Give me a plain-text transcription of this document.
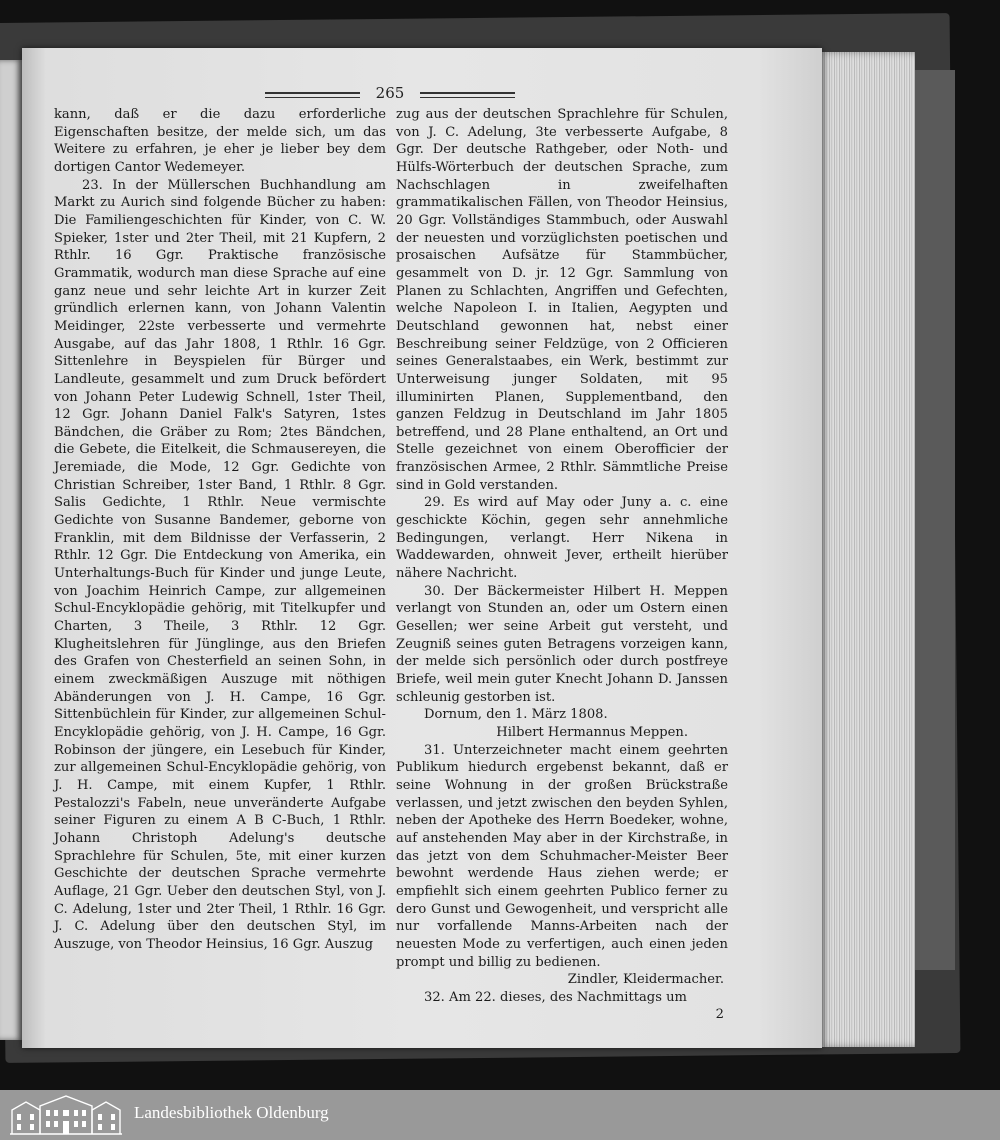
265

kann, daß er die dazu erforderliche Eigenschaften besitze, der melde sich, um das Weitere zu erfahren, je eher je lieber bey dem dortigen Cantor Wedemeyer.

23. In der Müllerschen Buchhandlung am Markt zu Aurich sind folgende Bücher zu haben: Die Familiengeschichten für Kinder, von C. W. Spieker, 1ster und 2ter Theil, mit 21 Kupfern, 2 Rthlr. 16 Ggr. Praktische französische Grammatik, wodurch man diese Sprache auf eine ganz neue und sehr leichte Art in kurzer Zeit gründlich erlernen kann, von Johann Valentin Meidinger, 22ste verbesserte und vermehrte Ausgabe, auf das Jahr 1808, 1 Rthlr. 16 Ggr. Sittenlehre in Beyspielen für Bürger und Landleute, gesammelt und zum Druck befördert von Johann Peter Ludewig Schnell, 1ster Theil, 12 Ggr. Johann Daniel Falk's Satyren, 1stes Bändchen, die Gräber zu Rom; 2tes Bändchen, die Gebete, die Eitelkeit, die Schmausereyen, die Jeremiade, die Mode, 12 Ggr. Gedichte von Christian Schreiber, 1ster Band, 1 Rthlr. 8 Ggr. Salis Gedichte, 1 Rthlr. Neue vermischte Gedichte von Susanne Bandemer, geborne von Franklin, mit dem Bildnisse der Verfasserin, 2 Rthlr. 12 Ggr. Die Entdeckung von Amerika, ein Unterhaltungs-Buch für Kinder und junge Leute, von Joachim Heinrich Campe, zur allgemeinen Schul-Encyklopädie gehörig, mit Titelkupfer und Charten, 3 Theile, 3 Rthlr. 12 Ggr. Klugheitslehren für Jünglinge, aus den Briefen des Grafen von Chesterfield an seinen Sohn, in einem zweckmäßigen Auszuge mit nöthigen Abänderungen von J. H. Campe, 16 Ggr. Sittenbüchlein für Kinder, zur allgemeinen Schul-Encyklopädie gehörig, von J. H. Campe, 16 Ggr. Robinson der jüngere, ein Lesebuch für Kinder, zur allgemeinen Schul-Encyklopädie gehörig, von J. H. Campe, mit einem Kupfer, 1 Rthlr. Pestalozzi's Fabeln, neue unveränderte Aufgabe seiner Figuren zu einem A B C-Buch, 1 Rthlr. Johann Christoph Adelung's deutsche Sprachlehre für Schulen, 5te, mit einer kurzen Geschichte der deutschen Sprache vermehrte Auflage, 21 Ggr. Ueber den deutschen Styl, von J. C. Adelung, 1ster und 2ter Theil, 1 Rthlr. 16 Ggr. J. C. Adelung über den deutschen Styl, im Auszuge, von Theodor Heinsius, 16 Ggr. Auszug

zug aus der deutschen Sprachlehre für Schulen, von J. C. Adelung, 3te verbesserte Aufgabe, 8 Ggr. Der deutsche Rathgeber, oder Noth- und Hülfs-Wörterbuch der deutschen Sprache, zum Nachschlagen in zweifelhaften grammatikalischen Fällen, von Theodor Heinsius, 20 Ggr. Vollständiges Stammbuch, oder Auswahl der neuesten und vorzüglichsten poetischen und prosaischen Aufsätze für Stammbücher, gesammelt von D. jr. 12 Ggr. Sammlung von Planen zu Schlachten, Angriffen und Gefechten, welche Napoleon I. in Italien, Aegypten und Deutschland gewonnen hat, nebst einer Beschreibung seiner Feldzüge, von 2 Officieren seines Generalstaabes, ein Werk, bestimmt zur Unterweisung junger Soldaten, mit 95 illuminirten Planen, Supplementband, den ganzen Feldzug in Deutschland im Jahr 1805 betreffend, und 28 Plane enthaltend, an Ort und Stelle gezeichnet von einem Oberofficier der französischen Armee, 2 Rthlr. Sämmtliche Preise sind in Gold verstanden.

29. Es wird auf May oder Juny a. c. eine geschickte Köchin, gegen sehr annehmliche Bedingungen, verlangt. Herr Nikena in Waddewarden, ohnweit Jever, ertheilt hierüber nähere Nachricht.

30. Der Bäckermeister Hilbert H. Meppen verlangt von Stunden an, oder um Ostern einen Gesellen; wer seine Arbeit gut versteht, und Zeugniß seines guten Betragens vorzeigen kann, der melde sich persönlich oder durch postfreye Briefe, weil mein guter Knecht Johann D. Janssen schleunig gestorben ist.

Dornum, den 1. März 1808.

Hilbert Hermannus Meppen.

31. Unterzeichneter macht einem geehrten Publikum hiedurch ergebenst bekannt, daß er seine Wohnung in der großen Brückstraße verlassen, und jetzt zwischen den beyden Syhlen, neben der Apotheke des Herrn Boedeker, wohne, auf anstehenden May aber in der Kirchstraße, in das jetzt von dem Schuhmacher-Meister Beer bewohnt werdende Haus ziehen werde; er empfiehlt sich einem geehrten Publico ferner zu dero Gunst und Gewogenheit, und verspricht alle nur vorfallende Manns-Arbeiten nach der neuesten Mode zu verfertigen, auch einen jeden prompt und billig zu bedienen.

Zindler, Kleidermacher.

32. Am 22. dieses, des Nachmittags um

2

Landesbibliothek Oldenburg
